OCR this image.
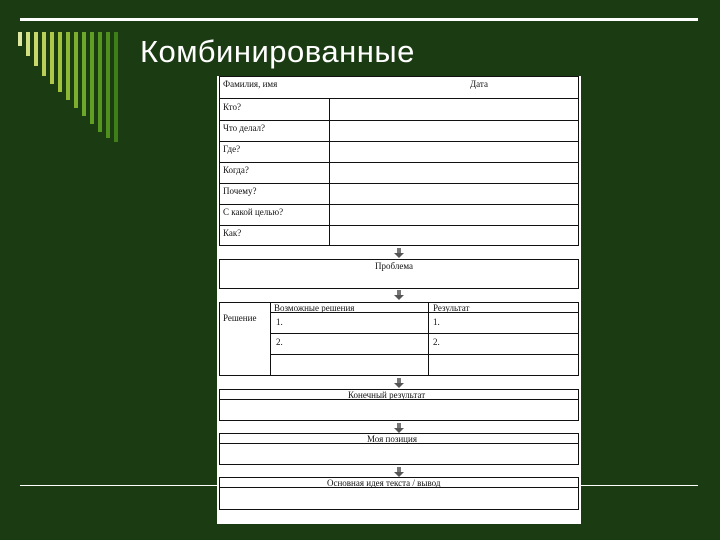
Комбинированные
Фамилия, имя	Дата
Кто?
Что делал?
Где?
Когда?
Почему?
С какой целью?
Как?
Проблема
Решение
Возможные решения	Результат
1.
2.
1.
2.
Конечный результат
Моя позиция
Основная идея текста / вывод
